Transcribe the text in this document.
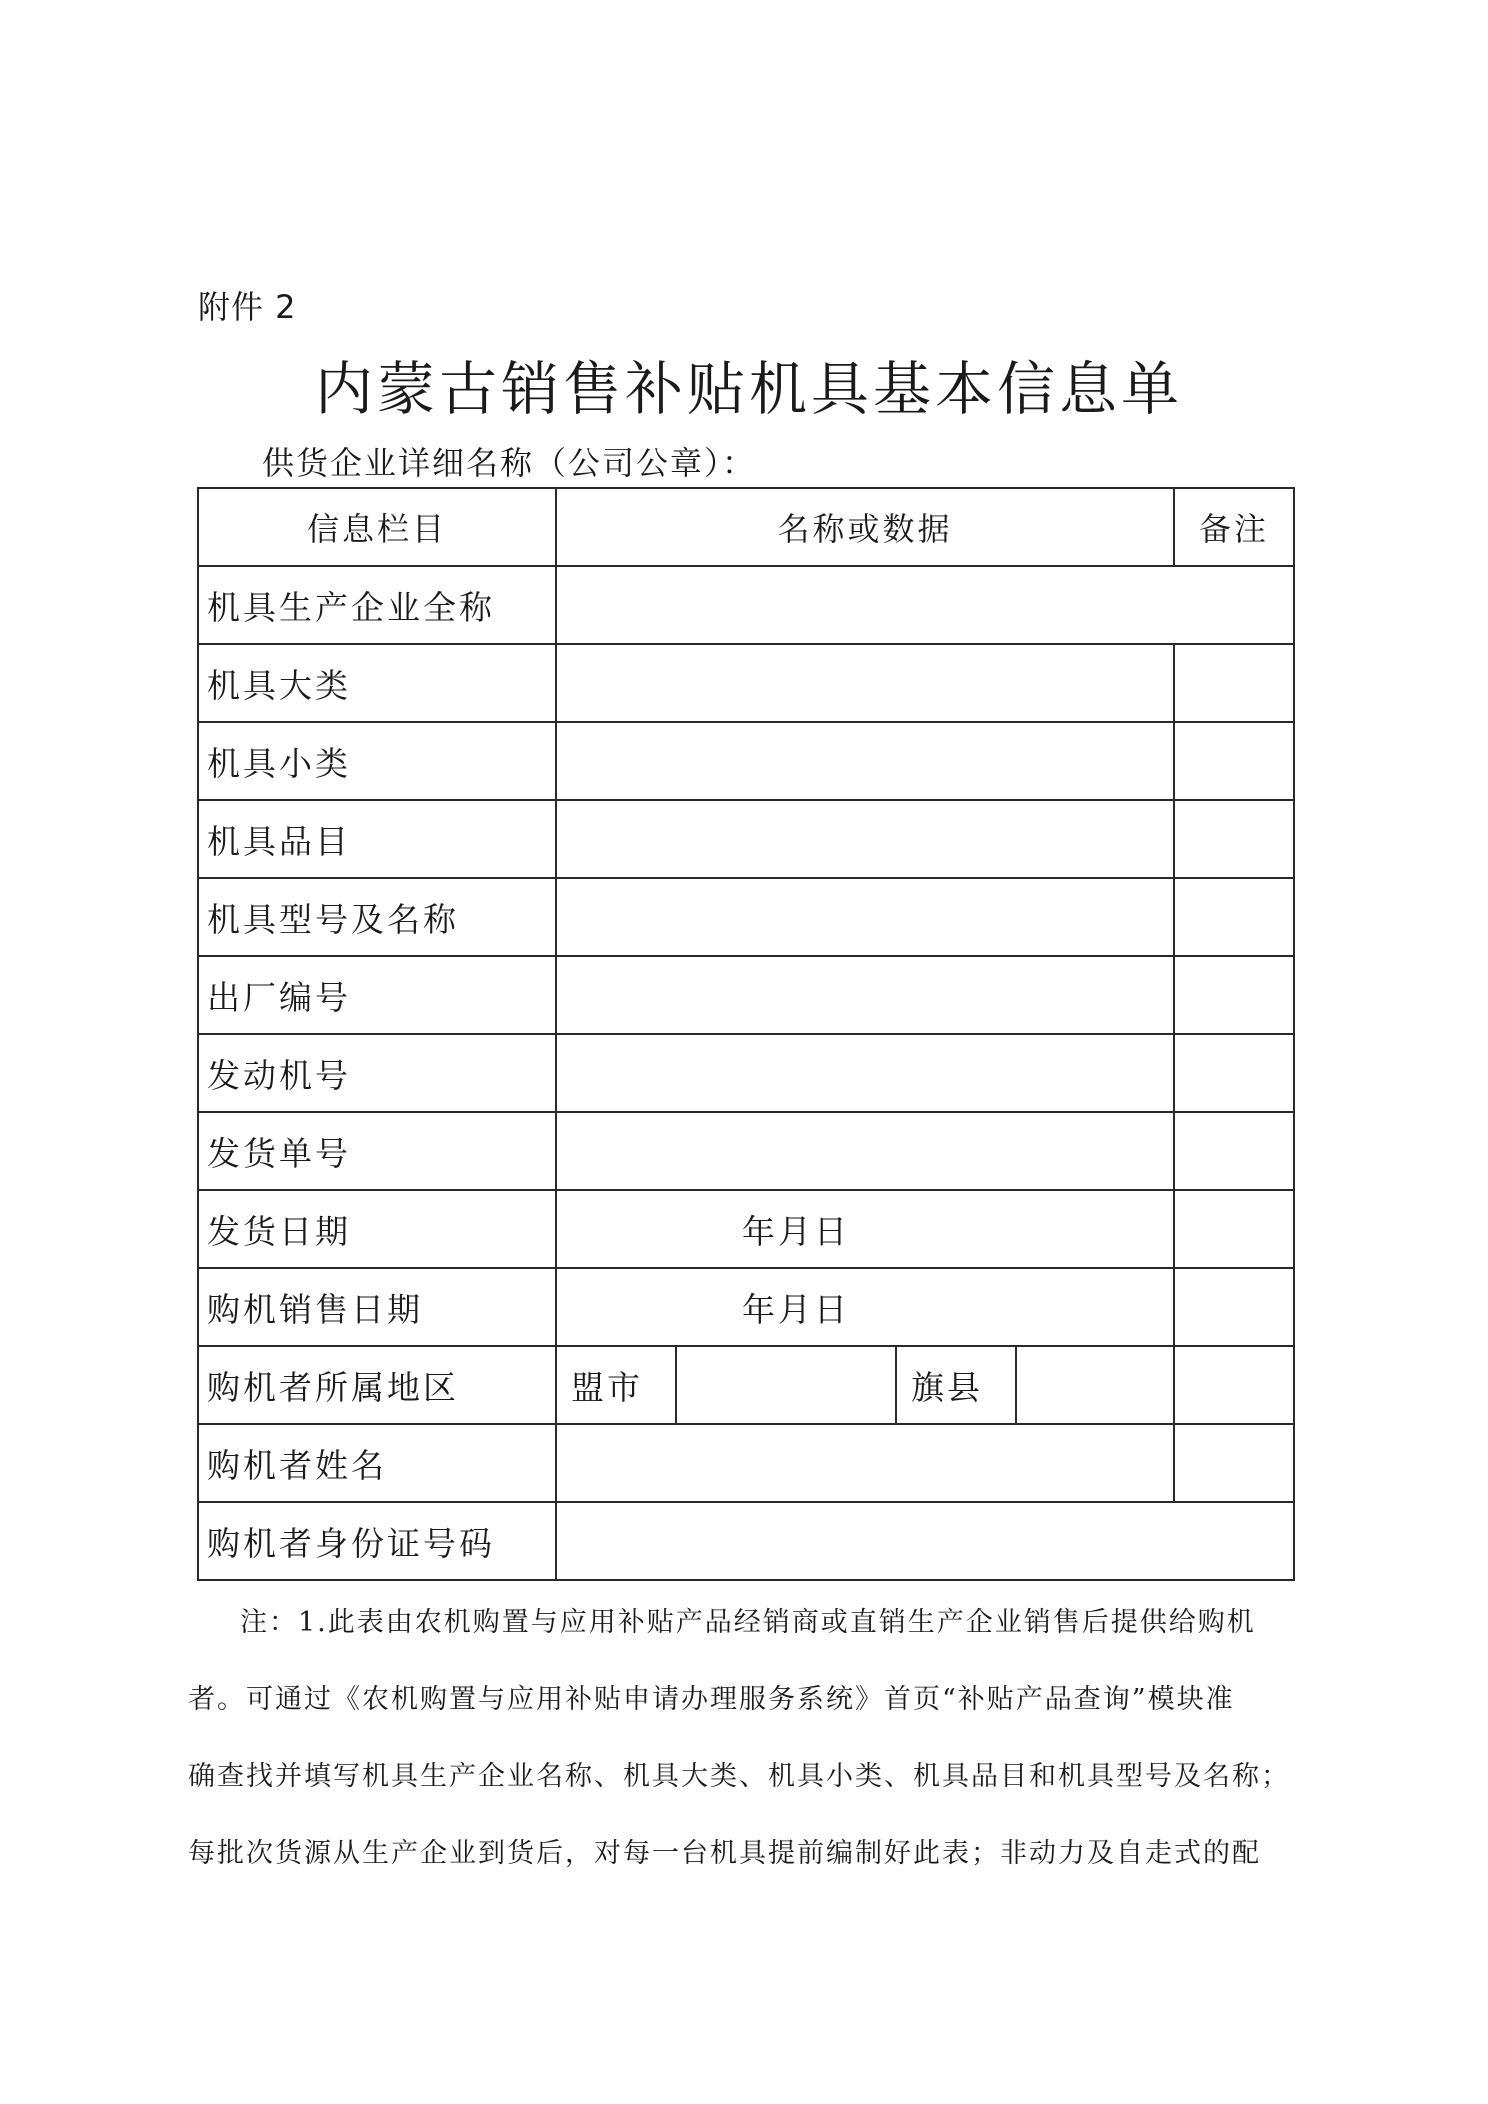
附件 2
内蒙古销售补贴机具基本信息单
供货企业详细名称（公司公章）：
信息栏目	名称或数据				备注
机具生产企业全称					
机具大类					
机具小类					
机具品目					
机具型号及名称					
出厂编号					
发动机号					
发货单号					
发货日期	年月日				
购机销售日期	年月日				
购机者所属地区	盟市		旗县		
购机者姓名					
购机者身份证号码					

注：1.此表由农机购置与应用补贴产品经销商或直销生产企业销售后提供给购机

者。可通过《农机购置与应用补贴申请办理服务系统》首页“补贴产品查询”模块准

确查找并填写机具生产企业名称、机具大类、机具小类、机具品目和机具型号及名称；

每批次货源从生产企业到货后，对每一台机具提前编制好此表；非动力及自走式的配
